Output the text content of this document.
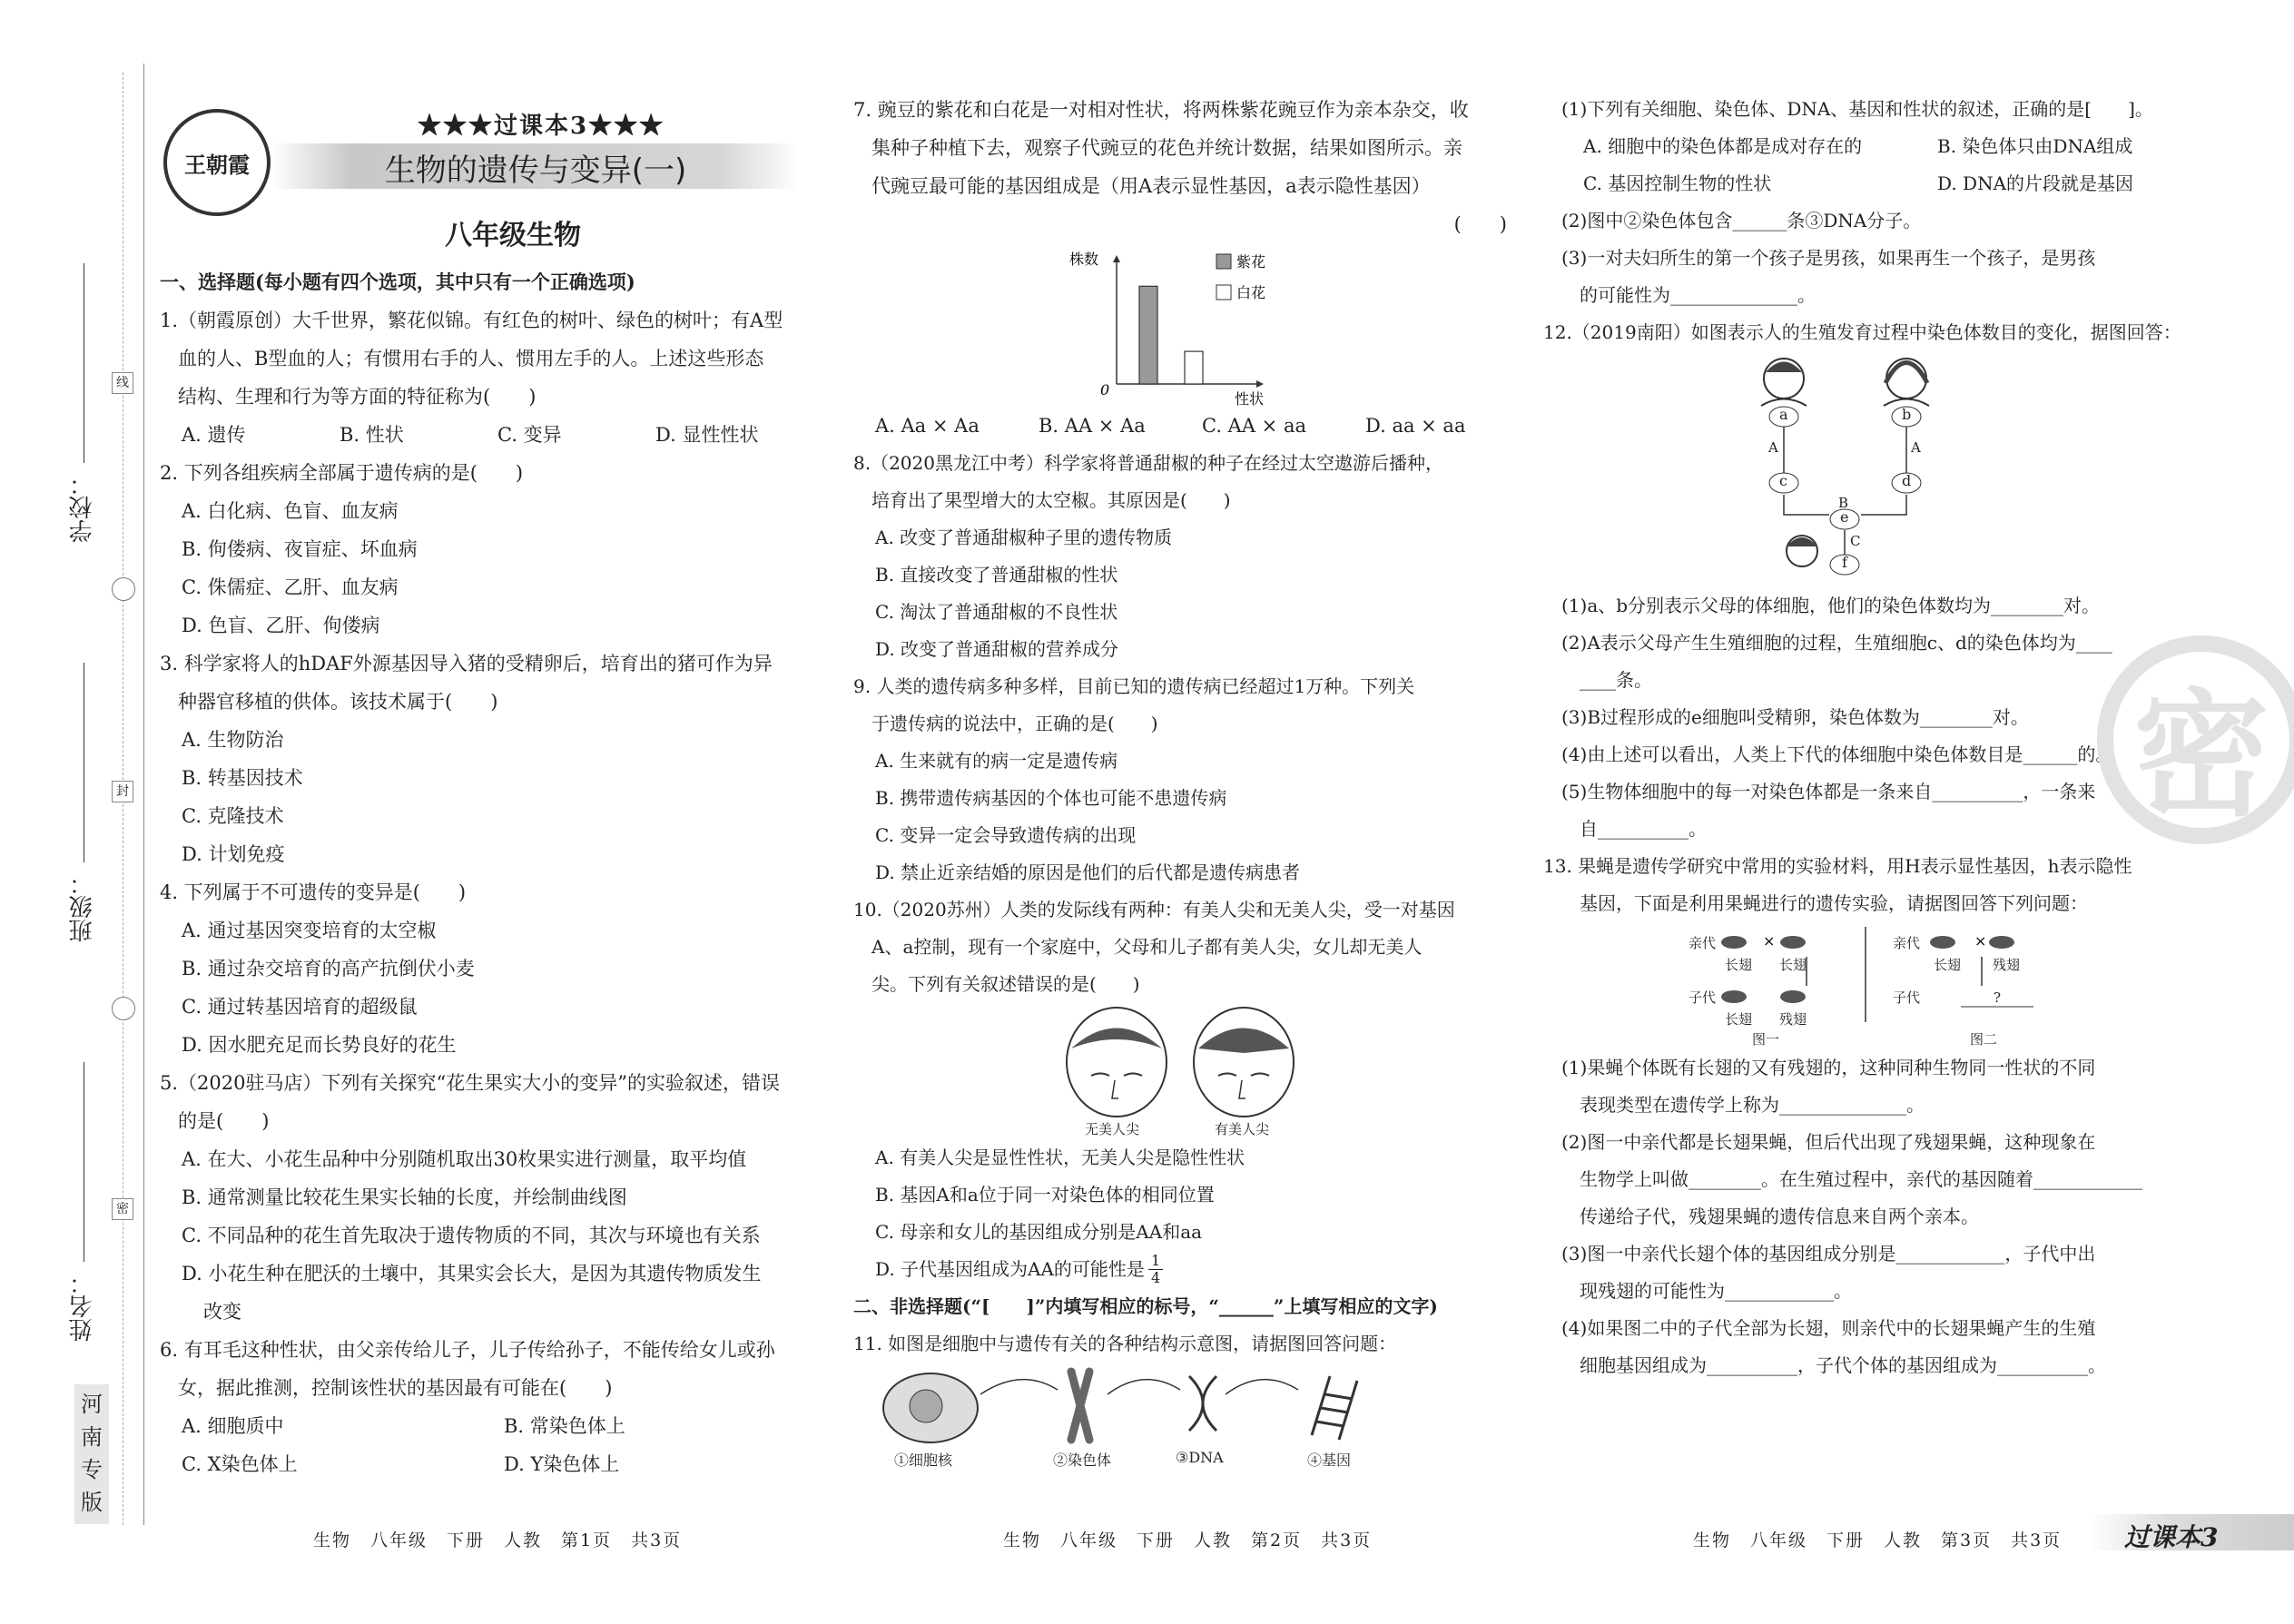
学校：
班级：
姓名：
线
封
密
河南专版
王朝霞
★★★过课本3★★★
生物的遗传与变异(一)
八年级生物
一、选择题(每小题有四个选项，其中只有一个正确选项)
1.（朝霞原创）大千世界，繁花似锦。有红色的树叶、绿色的树叶；有A型
血的人、B型血的人；有惯用右手的人、惯用左手的人。上述这些形态
结构、生理和行为等方面的特征称为(　　)
A. 遗传	B. 性状	C. 变异	D. 显性性状
2. 下列各组疾病全部属于遗传病的是(　　)
A. 白化病、色盲、血友病
B. 佝偻病、夜盲症、坏血病
C. 侏儒症、乙肝、血友病
D. 色盲、乙肝、佝偻病
3. 科学家将人的hDAF外源基因导入猪的受精卵后，培育出的猪可作为异
种器官移植的供体。该技术属于(　　)
A. 生物防治
B. 转基因技术
C. 克隆技术
D. 计划免疫
4. 下列属于不可遗传的变异是(　　)
A. 通过基因突变培育的太空椒
B. 通过杂交培育的高产抗倒伏小麦
C. 通过转基因培育的超级鼠
D. 因水肥充足而长势良好的花生
5.（2020驻马店）下列有关探究“花生果实大小的变异”的实验叙述，错误
的是(　　)
A. 在大、小花生品种中分别随机取出30枚果实进行测量，取平均值
B. 通常测量比较花生果实长轴的长度，并绘制曲线图
C. 不同品种的花生首先取决于遗传物质的不同，其次与环境也有关系
D. 小花生种在肥沃的土壤中，其果实会长大，是因为其遗传物质发生
改变
6. 有耳毛这种性状，由父亲传给儿子，儿子传给孙子，不能传给女儿或孙
女，据此推测，控制该性状的基因最有可能在(　　)
A. 细胞质中	B. 常染色体上
C. X染色体上	D. Y染色体上
7. 豌豆的紫花和白花是一对相对性状，将两株紫花豌豆作为亲本杂交，收
集种子种植下去，观察子代豌豆的花色并统计数据，结果如图所示。亲
代豌豆最可能的基因组成是（用A表示显性基因，a表示隐性基因）
(　　)
株数
性状
0
紫花
白花
A. Aa × Aa	B. AA × Aa	C. AA × aa	D. aa × aa
8.（2020黑龙江中考）科学家将普通甜椒的种子在经过太空遨游后播种，
培育出了果型增大的太空椒。其原因是(　　)
A. 改变了普通甜椒种子里的遗传物质
B. 直接改变了普通甜椒的性状
C. 淘汰了普通甜椒的不良性状
D. 改变了普通甜椒的营养成分
9. 人类的遗传病多种多样，目前已知的遗传病已经超过1万种。下列关
于遗传病的说法中，正确的是(　　)
A. 生来就有的病一定是遗传病
B. 携带遗传病基因的个体也可能不患遗传病
C. 变异一定会导致遗传病的出现
D. 禁止近亲结婚的原因是他们的后代都是遗传病患者
10.（2020苏州）人类的发际线有两种：有美人尖和无美人尖，受一对基因
A、a控制，现有一个家庭中，父母和儿子都有美人尖，女儿却无美人
尖。下列有关叙述错误的是(　　)
无美人尖	有美人尖
A. 有美人尖是显性性状，无美人尖是隐性性状
B. 基因A和a位于同一对染色体的相同位置
C. 母亲和女儿的基因组成分别是AA和aa
D. 子代基因组成为AA的可能性是 $\frac{1}{4}$
二、非选择题(“[　　]”内填写相应的标号，“______”上填写相应的文字)
11. 如图是细胞中与遗传有关的各种结构示意图，请据图回答问题：
①细胞核	②染色体	③DNA	④基因
(1)下列有关细胞、染色体、DNA、基因和性状的叙述，正确的是[　　]。
A. 细胞中的染色体都是成对存在的	B. 染色体只由DNA组成
C. 基因控制生物的性状	D. DNA的片段就是基因
(2)图中②染色体包含______条③DNA分子。
(3)一对夫妇所生的第一个孩子是男孩，如果再生一个孩子，是男孩
的可能性为______________。
12.（2019南阳）如图表示人的生殖发育过程中染色体数目的变化，据图回答：
a	b
c	d
e
f
A	A
B
C
(1)a、b分别表示父母的体细胞，他们的染色体数均为________对。
(2)A表示父母产生生殖细胞的过程，生殖细胞c、d的染色体均为____
____条。
(3)B过程形成的e细胞叫受精卵，染色体数为________对。
(4)由上述可以看出，人类上下代的体细胞中染色体数目是______的。
(5)生物体细胞中的每一对染色体都是一条来自__________，一条来
自__________。
13. 果蝇是遗传学研究中常用的实验材料，用H表示显性基因，h表示隐性
基因，下面是利用果蝇进行的遗传实验，请据图回答下列问题：
×	×
亲代
子代
长翅 长翅
长翅 残翅
图一
亲代
子代
长翅 残翅
?
图二
(1)果蝇个体既有长翅的又有残翅的，这种同种生物同一性状的不同
表现类型在遗传学上称为______________。
(2)图一中亲代都是长翅果蝇，但后代出现了残翅果蝇，这种现象在
生物学上叫做________。在生殖过程中，亲代的基因随着____________
传递给子代，残翅果蝇的遗传信息来自两个亲本。
(3)图一中亲代长翅个体的基因组成分别是____________，子代中出
现残翅的可能性为____________。
(4)如果图二中的子代全部为长翅，则亲代中的长翅果蝇产生的生殖
细胞基因组成为__________，子代个体的基因组成为__________。
密
生物　八年级　下册　人教　第1页　共3页	生物　八年级　下册　人教　第2页　共3页	生物　八年级　下册　人教　第3页　共3页 过课本3
